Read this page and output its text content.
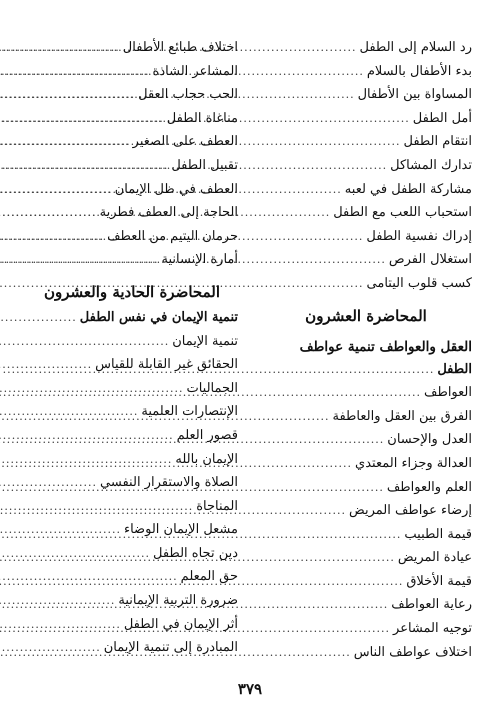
رد السلام إلى الطفل
.....
بدء الأطفال بالسلام
.....
المساواة بين الأطفال
.....
أمل الطفل
.....
انتقام الطفل
.....
تدارك المشاكل
.....
مشاركة الطفل في لعبه
.....
استحباب اللعب مع الطفل
.....
إدراك نفسية الطفل
.....
استغلال الفرص
.....
كسب قلوب اليتامى
.....
المحاضرة العشرون
العقل والعواطف تنمية عواطف
الطفل
.....
العواطف
.....
الفرق بين العقل والعاطفة
.....
العدل والإحسان
.....
العدالة وجزاء المعتدي
.....
العلم والعواطف
.....
إرضاء عواطف المريض
.....
قيمة الطبيب
.....
عيادة المريض
.....
قيمة الأخلاق
.....
رعاية العواطف
.....
توجيه المشاعر
.....
اختلاف عواطف الناس
.....
اختلاف طبائع الأطفال
.....
المشاعر الشاذة
.....
الحب حجاب العقل
.....
مناغاة الطفل
.....
العطف على الصغير
.....
تقبيل الطفل
.....
العطف في ظل الإيمان
.....
الحاجة إلى العطف فطرية
.....
حرمان اليتيم من العطف
.....
أمارة الإنسانية
.....
المحاضرة الحادية والعشرون
تنمية الإيمان في نفس الطفل
.....
تنمية الإيمان
.....
الحقائق غير القابلة للقياس
.....
الجماليات
.....
الإنتصارات العلمية
.....
قصور العلم
.....
الإيمان بالله
.....
الصلاة والاستقرار النفسي
.....
المناجاة
.....
مشعل الإيمان الوضاء
.....
دين تجاه الطفل
.....
حق المعلم
.....
ضرورة التربية الإيمانية
.....
أثر الإيمان في الطفل
.....
المبادرة إلى تنمية الإيمان
.....
٣٧٩
